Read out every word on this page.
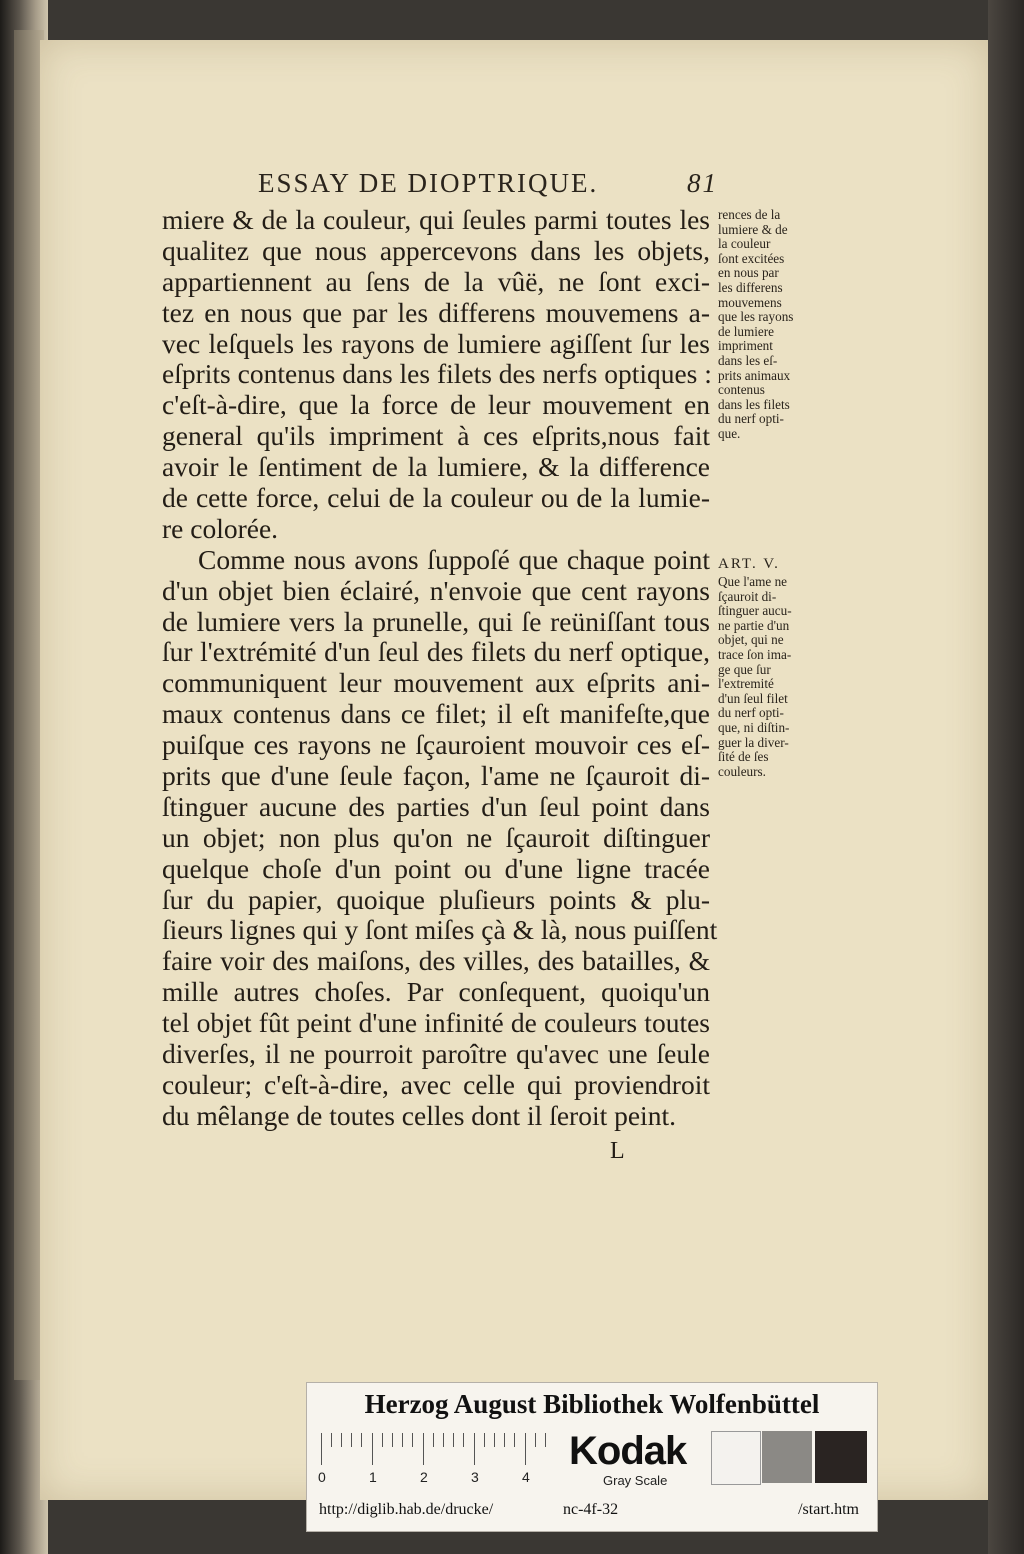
ESSAY DE DIOPTRIQUE.	81
miere & de la couleur, qui ſeules parmi toutes les
qualitez que nous appercevons dans les objets,
appartiennent au ſens de la vûë, ne ſont exci-
tez en nous que par les differens mouvemens a-
vec leſquels les rayons de lumiere agiſſent ſur les
eſprits contenus dans les filets des nerfs optiques :
c'eſt-à-dire, que la force de leur mouvement en
general qu'ils impriment à ces eſprits,nous fait
avoir le ſentiment de la lumiere, & la difference
de cette force, celui de la couleur ou de la lumie-
re colorée.
Comme nous avons ſuppoſé que chaque point
d'un objet bien éclairé, n'envoie que cent rayons
de lumiere vers la prunelle, qui ſe reüniſſant tous
ſur l'extrémité d'un ſeul des filets du nerf optique,
communiquent leur mouvement aux eſprits ani-
maux contenus dans ce filet; il eſt manifeſte,que
puiſque ces rayons ne ſçauroient mouvoir ces eſ-
prits que d'une ſeule façon, l'ame ne ſçauroit di-
ſtinguer aucune des parties d'un ſeul point dans
un objet; non plus qu'on ne ſçauroit diſtinguer
quelque choſe d'un point ou d'une ligne tracée
ſur du papier, quoique pluſieurs points & plu-
ſieurs lignes qui y ſont miſes çà & là, nous puiſſent
faire voir des maiſons, des villes, des batailles, &
mille autres choſes. Par conſequent, quoiqu'un
tel objet fût peint d'une infinité de couleurs toutes
diverſes, il ne pourroit paroître qu'avec une ſeule
couleur; c'eſt-à-dire, avec celle qui proviendroit
du mêlange de toutes celles dont il ſeroit peint.
rences de la
lumiere & de
la couleur
ſont excitées
en nous par
les differens
mouvemens
que les rayons
de lumiere
impriment
dans les eſ-
prits animaux
contenus
dans les filets
du nerf opti-
que.
ART. V.
Que l'ame ne
ſçauroit di-
ſtinguer aucu-
ne partie d'un
objet, qui ne
trace ſon ima-
ge que ſur
l'extremité
d'un ſeul filet
du nerf opti-
que, ni diſtin-
guer la diver-
ſité de ſes
couleurs.
L
Herzog August Bibliothek Wolfenbüttel
0	1	2	3	4
Kodak
Gray Scale
http://diglib.hab.de/drucke/	nc-4f-32	/start.htm
